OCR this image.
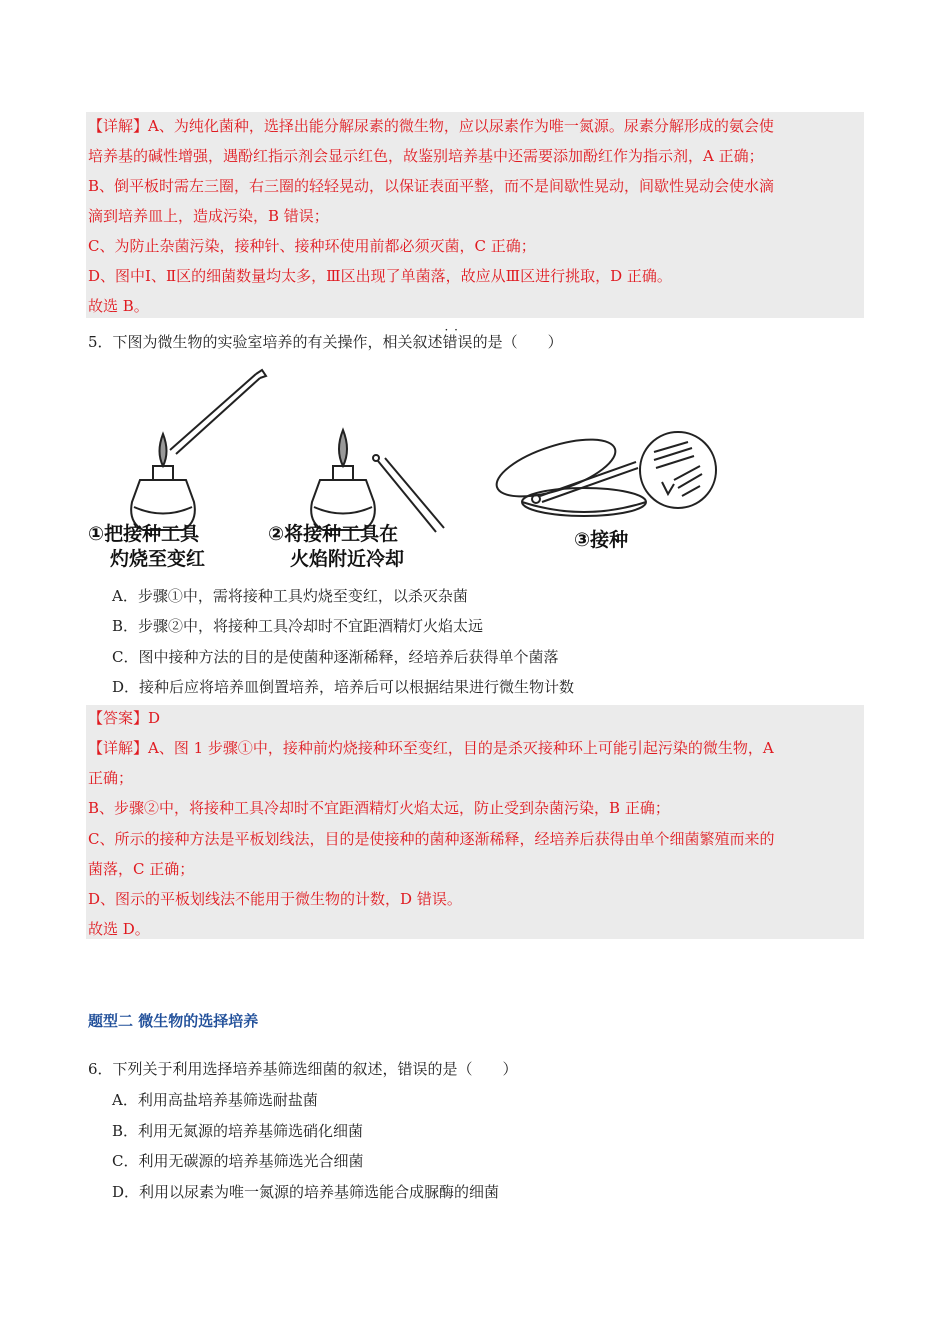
【详解】A、为纯化菌种，选择出能分解尿素的微生物，应以尿素作为唯一氮源。尿素分解形成的氨会使
培养基的碱性增强，遇酚红指示剂会显示红色，故鉴别培养基中还需要添加酚红作为指示剂，A 正确；
B、倒平板时需左三圈，右三圈的轻轻晃动，以保证表面平整，而不是间歇性晃动，间歇性晃动会使水滴
滴到培养皿上，造成污染，B 错误；
C、为防止杂菌污染，接种针、接种环使用前都必须灭菌，C 正确；
D、图中Ⅰ、Ⅱ区的细菌数量均太多，Ⅲ区出现了单菌落，故应从Ⅲ区进行挑取，D 正确。
故选 B。
5．下图为微生物的实验室培养的有关操作，相关叙述· · 错误的是（　　）
①把接种工具
灼烧至变红
②将接种工具在
火焰附近冷却
③接种
A．步骤①中，需将接种工具灼烧至变红，以杀灭杂菌
B．步骤②中，将接种工具冷却时不宜距酒精灯火焰太远
C．图中接种方法的目的是使菌种逐渐稀释，经培养后获得单个菌落
D．接种后应将培养皿倒置培养，培养后可以根据结果进行微生物计数
【答案】D
【详解】A、图 1 步骤①中，接种前灼烧接种环至变红，目的是杀灭接种环上可能引起污染的微生物，A
正确；
B、步骤②中，将接种工具冷却时不宜距酒精灯火焰太远，防止受到杂菌污染，B 正确；
C、所示的接种方法是平板划线法，目的是使接种的菌种逐渐稀释，经培养后获得由单个细菌繁殖而来的
菌落，C 正确；
D、图示的平板划线法不能用于微生物的计数，D 错误。
故选 D。
题型二 微生物的选择培养
6．下列关于利用选择培养基筛选细菌的叙述，错误的是（　　）
A．利用高盐培养基筛选耐盐菌
B．利用无氮源的培养基筛选硝化细菌
C．利用无碳源的培养基筛选光合细菌
D．利用以尿素为唯一氮源的培养基筛选能合成脲酶的细菌
